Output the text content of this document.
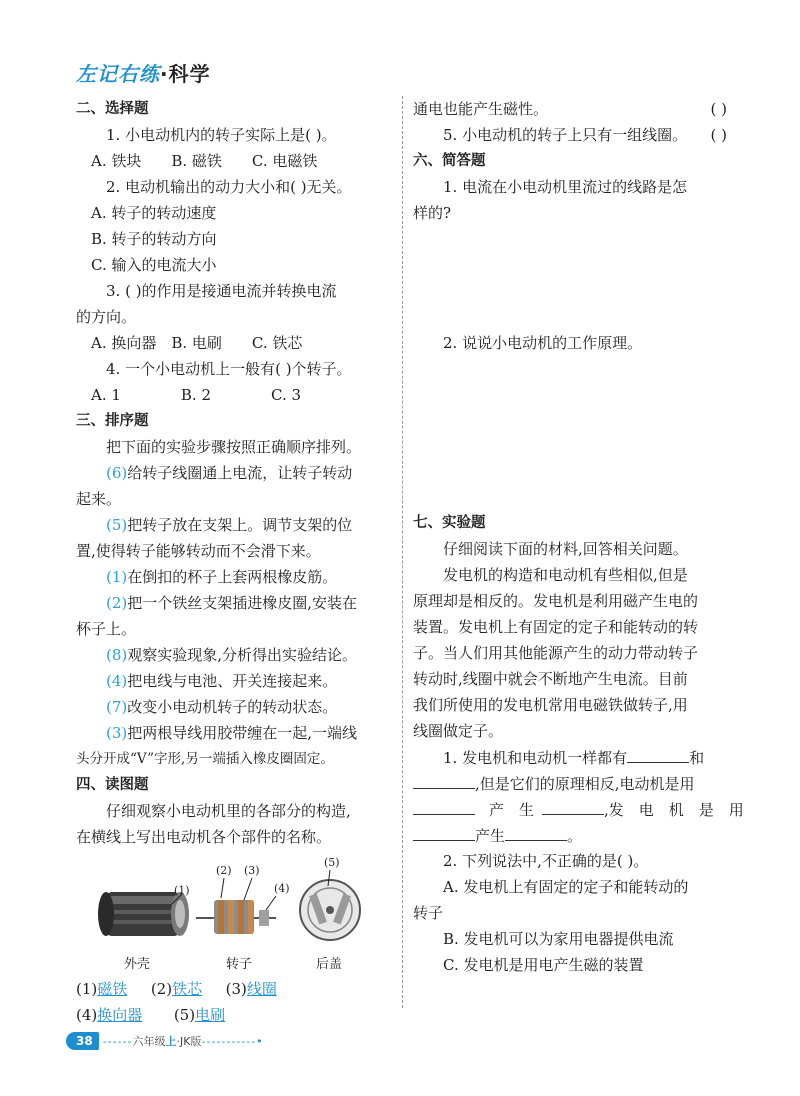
左记右练·科学
二、选择题
1. 小电动机内的转子实际上是( )。
A. 铁块　　B. 磁铁　　C. 电磁铁
2. 电动机输出的动力大小和( )无关。
A. 转子的转动速度
B. 转子的转动方向
C. 输入的电流大小
3. ( )的作用是接通电流并转换电流
的方向。
A. 换向器　B. 电刷　　C. 铁芯
4. 一个小电动机上一般有( )个转子。
A. 1　　　　B. 2　　　　C. 3
三、排序题
把下面的实验步骤按照正确顺序排列。
(6)给转子线圈通上电流，让转子转动
起来。
(5)把转子放在支架上。调节支架的位
置,使得转子能够转动而不会滑下来。
(1)在倒扣的杯子上套两根橡皮筋。
(2)把一个铁丝支架插进橡皮圈,安装在
杯子上。
(8)观察实验现象,分析得出实验结论。
(4)把电线与电池、开关连接起来。
(7)改变小电动机转子的转动状态。
(3)把两根导线用胶带缠在一起,一端线
头分开成“V”字形,另一端插入橡皮圈固定。
四、读图题
仔细观察小电动机里的各部分的构造,
在横线上写出电动机各个部件的名称。
(1)
(2) (3)
(4)
(5)
外壳	转子	后盖
(1)磁铁 (2)铁芯 (3)线圈
(4)换向器 (5)电刷
通电也能产生磁性。	( )
5. 小电动机的转子上只有一组线圈。 ( )
六、简答题
1. 电流在小电动机里流过的线路是怎
样的?
2. 说说小电动机的工作原理。
七、实验题
仔细阅读下面的材料,回答相关问题。
发电机的构造和电动机有些相似,但是
原理却是相反的。发电机是利用磁产生电的
装置。发电机上有固定的定子和能转动的转
子。当人们用其他能源产生的动力带动转子
转动时,线圈中就会不断地产生电流。目前
我们所使用的发电机常用电磁铁做转子,用
线圈做定子。
1. 发电机和电动机一样都有	和
,但是它们的原理相反,电动机是用
产　生	,发　电　机　是　用
产生	。
2. 下列说法中,不正确的是( )。
A. 发电机上有固定的定子和能转动的
转子
B. 发电机可以为家用电器提供电流
C. 发电机是用电产生磁的装置
38 ------ 六年级 上 · JK版 -----------•
